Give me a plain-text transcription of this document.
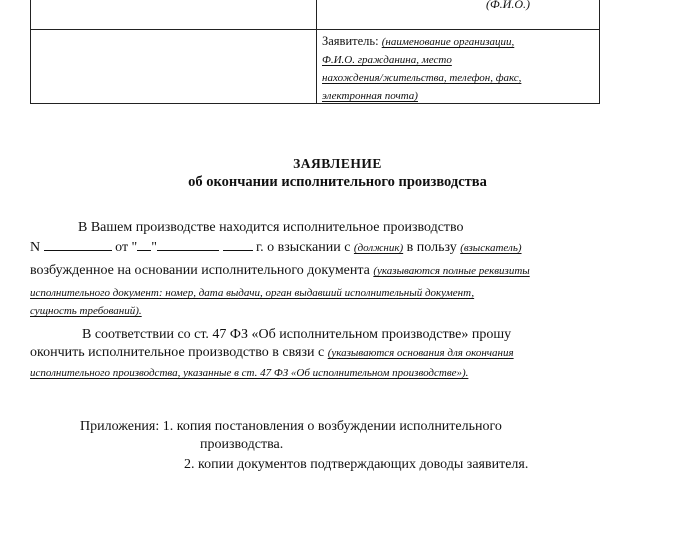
(Ф.И.О.)
Заявитель: (наименование организации,
Ф.И.О. гражданина, место
нахождения/жительства, телефон, факс,
электронная почта)
ЗАЯВЛЕНИЕ
об окончании исполнительного производства
В Вашем производстве находится исполнительное производство
N	от " "	г. о взыскании с (должник) в пользу (взыскатель)
возбужденное на основании исполнительного документа (указываются полные реквизиты
исполнительного документ: номер, дата выдачи, орган выдавший исполнительный документ,
сущность требований).
В соответствии со ст. 47 ФЗ «Об исполнительном производстве» прошу
окончить исполнительное производство в связи с (указываются основания для окончания
исполнительного производства, указанные в ст. 47 ФЗ «Об исполнительном производстве»).
Приложения: 1. копия постановления о возбуждении исполнительного
производства.
2. копии документов подтверждающих доводы заявителя.
